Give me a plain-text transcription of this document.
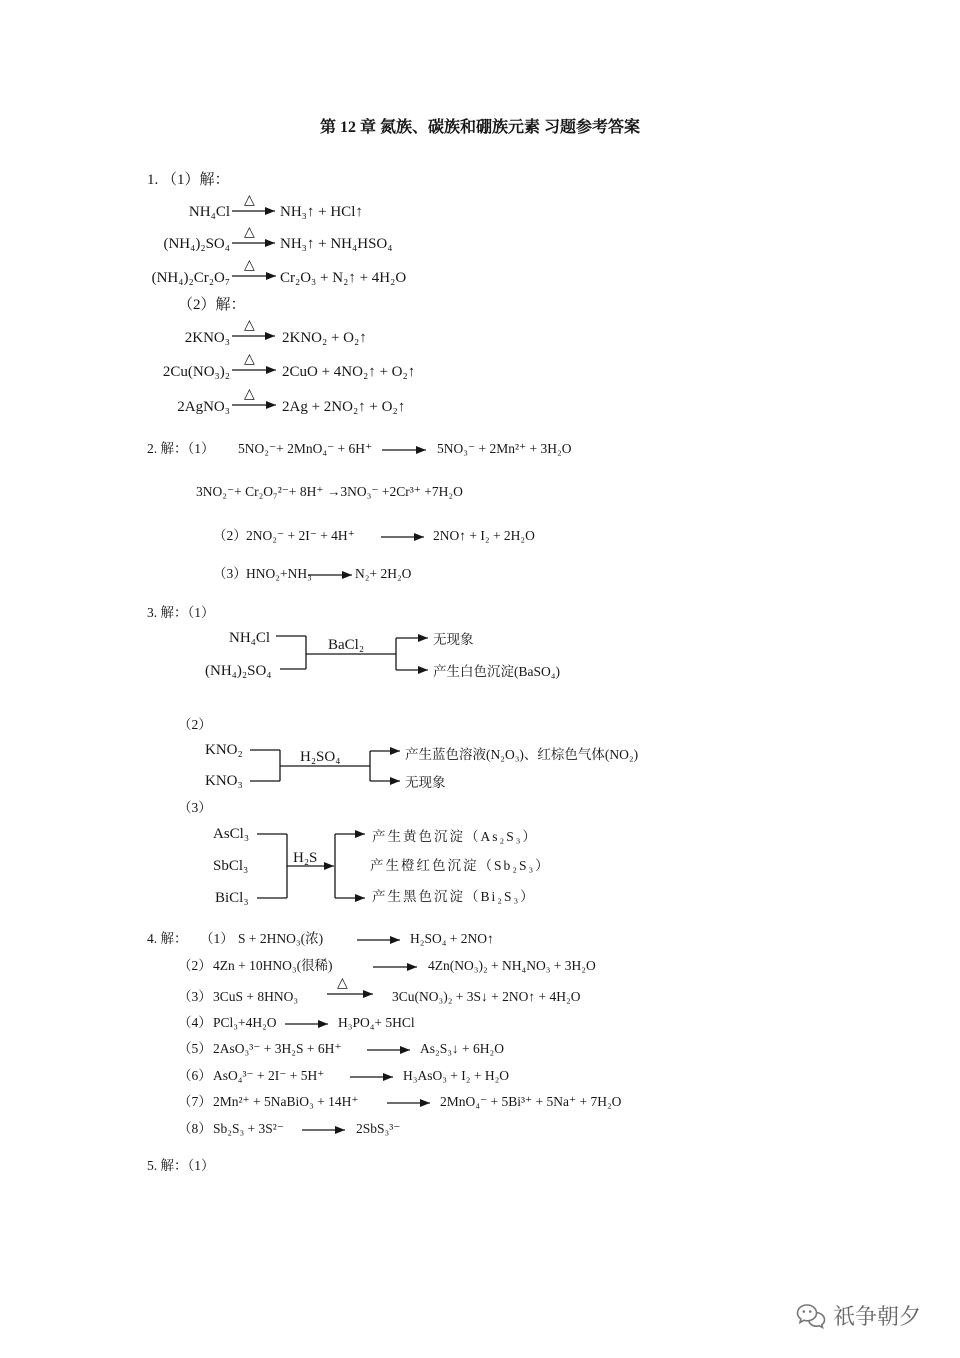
第 12 章 氮族、碳族和硼族元素 习题参考答案
1. （1）解：
NH₄Cl
△
NH₃↑ + HCl↑
(NH₄)₂SO₄
△
NH₃↑ + NH₄HSO₄
(NH₄)₂Cr₂O₇
△
Cr₂O₃ + N₂↑ + 4H₂O
（2）解：
2KNO₃
△
2KNO₂ + O₂↑
2Cu(NO₃)₂
△
2CuO + 4NO₂↑ + O₂↑
2AgNO₃
△
2Ag + 2NO₂↑ + O₂↑
2. 解：（1） 5NO₂⁻+ 2MnO₄⁻ + 6H⁺	5NO₃⁻ + 2Mn²⁺ + 3H₂O
3NO₂⁻+ Cr₂O₇²⁻+ 8H⁺ →3NO₃⁻ +2Cr³⁺ +7H₂O
（2） 2NO₂⁻ + 2I⁻ + 4H⁺	2NO↑ + I₂ + 2H₂O
（3） HNO₂+NH₃	N₂+ 2H₂O
3. 解：（1）
NH₄Cl
(NH₄)₂SO₄
BaCl₂	无现象
产生白色沉淀(BaSO₄)
（2）
KNO₂
KNO₃
H₂SO₄	产生蓝色溶液(N₂O₃)、红棕色气体(NO₂)
无现象
（3）
AsCl₃
SbCl₃
BiCl₃
H₂S
产生黄色沉淀（As₂S₃）
产生橙红色沉淀（Sb₂S₃）
产生黑色沉淀（Bi₂S₃）
4. 解： （1） S + 2HNO₃(浓)	H₂SO₄ + 2NO↑
（2） 4Zn + 10HNO₃(很稀)	4Zn(NO₃)₂ + NH₄NO₃ + 3H₂O
（3） 3CuS + 8HNO₃
△
3Cu(NO₃)₂ + 3S↓ + 2NO↑ + 4H₂O
（4） PCl₃+4H₂O	H₃PO₄+ 5HCl
（5） 2AsO₃³⁻ + 3H₂S + 6H⁺	As₂S₃↓ + 6H₂O
（6） AsO₄³⁻ + 2I⁻ + 5H⁺	H₃AsO₃ + I₂ + H₂O
（7） 2Mn²⁺ + 5NaBiO₃ + 14H⁺	2MnO₄⁻ + 5Bi³⁺ + 5Na⁺ + 7H₂O
（8） Sb₂S₃ + 3S²⁻	2SbS₃³⁻
5. 解：（1）
祇争朝夕
